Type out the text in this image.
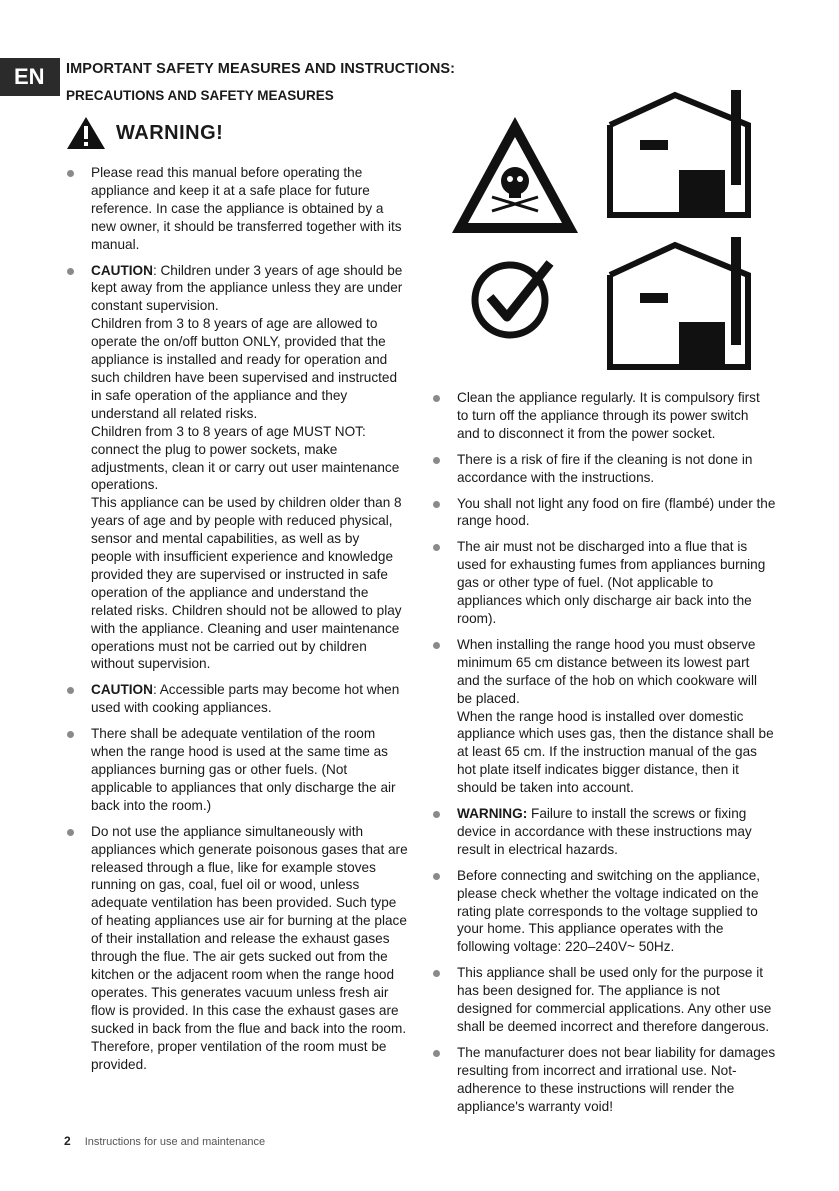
EN	IMPORTANT SAFETY MEASURES AND INSTRUCTIONS:
PRECAUTIONS AND SAFETY MEASURES
WARNING!
Please read this manual before operating the
appliance and keep it at a safe place for future
reference. In case the appliance is obtained by a
new owner, it should be transferred together with its
manual.
CAUTION: Children under 3 years of age should be
kept away from the appliance unless they are under
constant supervision.
Children from 3 to 8 years of age are allowed to
operate the on/off button ONLY, provided that the
appliance is installed and ready for operation and
such children have been supervised and instructed
in safe operation of the appliance and they
understand all related risks.
Children from 3 to 8 years of age MUST NOT:
connect the plug to power sockets, make
adjustments, clean it or carry out user maintenance
operations.
This appliance can be used by children older than 8
years of age and by people with reduced physical,
sensor and mental capabilities, as well as by
people with insufficient experience and knowledge
provided they are supervised or instructed in safe
operation of the appliance and understand the
related risks. Children should not be allowed to play
with the appliance. Cleaning and user maintenance
operations must not be carried out by children
without supervision.
CAUTION: Accessible parts may become hot when
used with cooking appliances.
There shall be adequate ventilation of the room
when the range hood is used at the same time as
appliances burning gas or other fuels. (Not
applicable to appliances that only discharge the air
back into the room.)
Do not use the appliance simultaneously with
appliances which generate poisonous gases that are
released through a flue, like for example stoves
running on gas, coal, fuel oil or wood, unless
adequate ventilation has been provided. Such type
of heating appliances use air for burning at the place
of their installation and release the exhaust gases
through the flue. The air gets sucked out from the
kitchen or the adjacent room when the range hood
operates. This generates vacuum unless fresh air
flow is provided. In this case the exhaust gases are
sucked in back from the flue and back into the room.
Therefore, proper ventilation of the room must be
provided.
Clean the appliance regularly. It is compulsory first
to turn off the appliance through its power switch
and to disconnect it from the power socket.
There is a risk of fire if the cleaning is not done in
accordance with the instructions.
You shall not light any food on fire (flambé) under the
range hood.
The air must not be discharged into a flue that is
used for exhausting fumes from appliances burning
gas or other type of fuel. (Not applicable to
appliances which only discharge air back into the
room).
When installing the range hood you must observe
minimum 65 cm distance between its lowest part
and the surface of the hob on which cookware will
be placed.
When the range hood is installed over domestic
appliance which uses gas, then the distance shall be
at least 65 cm. If the instruction manual of the gas
hot plate itself indicates bigger distance, then it
should be taken into account.
WARNING: Failure to install the screws or fixing
device in accordance with these instructions may
result in electrical hazards.
Before connecting and switching on the appliance,
please check whether the voltage indicated on the
rating plate corresponds to the voltage supplied to
your home. This appliance operates with the
following voltage: 220–240V~ 50Hz.
This appliance shall be used only for the purpose it
has been designed for. The appliance is not
designed for commercial applications. Any other use
shall be deemed incorrect and therefore dangerous.
The manufacturer does not bear liability for damages
resulting from incorrect and irrational use. Not-
adherence to these instructions will render the
appliance's warranty void!
2 Instructions for use and maintenance
